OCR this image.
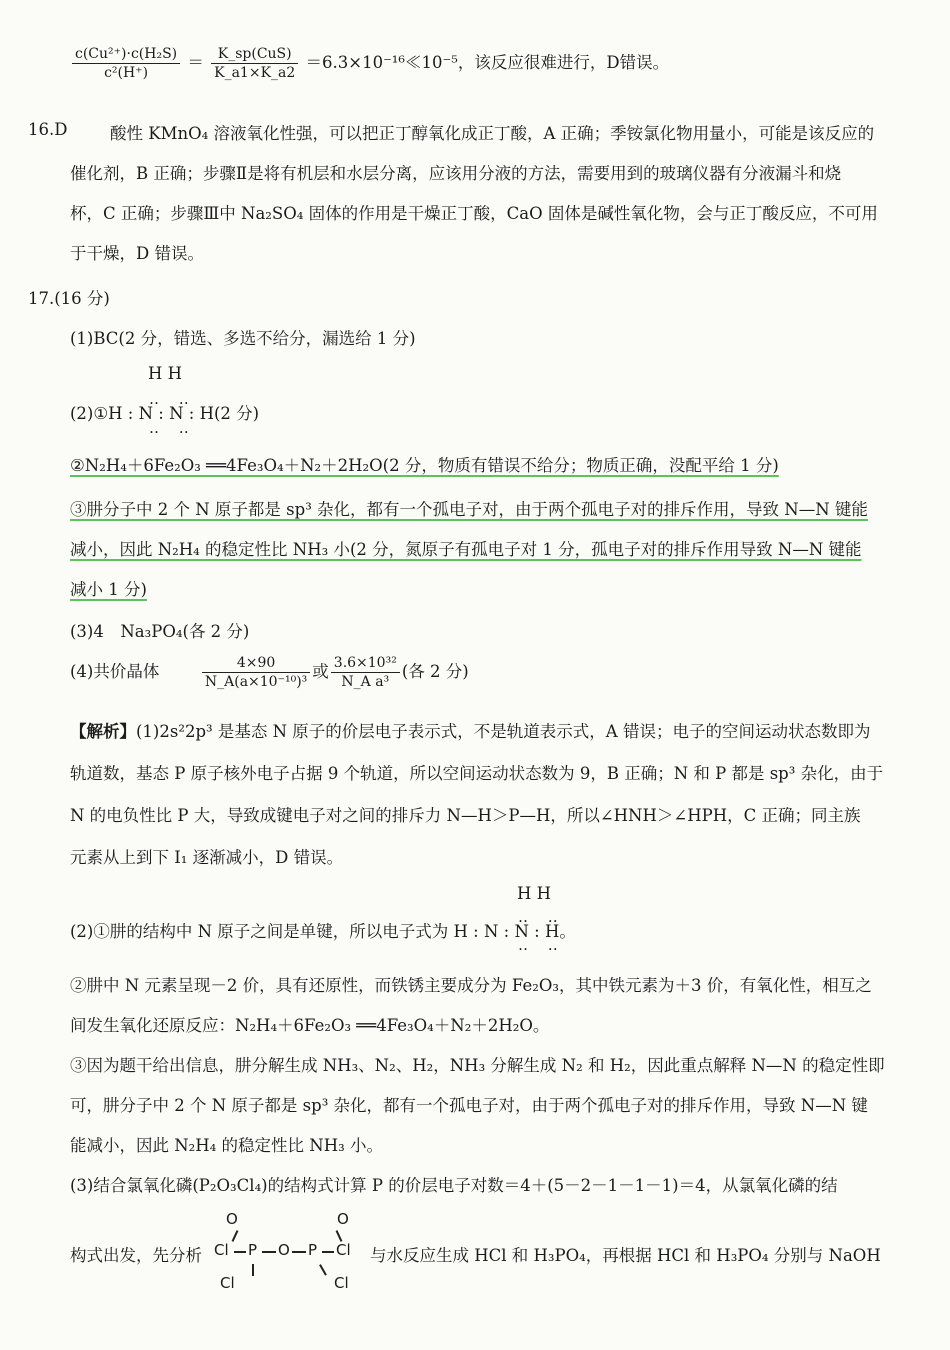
$\frac{\text{c(Cu²⁺)·c(H₂S)}}{\text{c²(H⁺)}} = \frac{\text{K\_sp(CuS)}}{K\_a1\times K\_a2}$ ＝6.3×10⁻¹⁶≪10⁻⁵，该反应很难进行，D错误。
16.D	酸性 KMnO₄ 溶液氧化性强，可以把正丁醇氧化成正丁酸，A 正确；季铵氯化物用量小，可能是该反应的
催化剂，B 正确；步骤Ⅱ是将有机层和水层分离，应该用分液的方法，需要用到的玻璃仪器有分液漏斗和烧
杯，C 正确；步骤Ⅲ中 Na₂SO₄ 固体的作用是干燥正丁酸，CaO 固体是碱性氧化物，会与正丁酸反应，不可用
于干燥，D 错误。
17.(16 分)
(1)BC(2 分，错选、多选不给分，漏选给 1 分)
H H
(2)①H : N : N : H(2 分)
‥　 ‥
‥　 ‥
②N₂H₄＋6Fe₂O₃ ══4Fe₃O₄＋N₂＋2H₂O(2 分，物质有错误不给分；物质正确，没配平给 1 分)
③肼分子中 2 个 N 原子都是 sp³ 杂化，都有一个孤电子对，由于两个孤电子对的排斥作用，导致 N—N 键能
减小，因此 N₂H₄ 的稳定性比 NH₃ 小(2 分，氮原子有孤电子对 1 分，孤电子对的排斥作用导致 N—N 键能
减小 1 分)
(3)4　Na₃PO₄(各 2 分)
(4)共价晶体	$\frac{4\times 90}{\text{N\_A(a×10⁻¹⁰)³}}$ 或 $\frac{\text{3.6×10³²}}{\text{N\_A a³}}$ (各 2 分)
【解析】(1)2s²2p³ 是基态 N 原子的价层电子表示式，不是轨道表示式，A 错误；电子的空间运动状态数即为
轨道数，基态 P 原子核外电子占据 9 个轨道，所以空间运动状态数为 9，B 正确；N 和 P 都是 sp³ 杂化，由于
N 的电负性比 P 大，导致成键电子对之间的排斥力 N—H＞P—H，所以∠HNH＞∠HPH，C 正确；同主族
元素从上到下 I₁ 逐渐减小，D 错误。
H H
(2)①肼的结构中 N 原子之间是单键，所以电子式为 H : N : N : H。
‥　 ‥
‥　 ‥
②肼中 N 元素呈现－2 价，具有还原性，而铁锈主要成分为 Fe₂O₃，其中铁元素为＋3 价，有氧化性，相互之
间发生氧化还原反应：N₂H₄＋6Fe₂O₃ ══4Fe₃O₄＋N₂＋2H₂O。
③因为题干给出信息，肼分解生成 NH₃、N₂、H₂，NH₃ 分解生成 N₂ 和 H₂，因此重点解释 N—N 的稳定性即
可，肼分子中 2 个 N 原子都是 sp³ 杂化，都有一个孤电子对，由于两个孤电子对的排斥作用，导致 N—N 键
能减小，因此 N₂H₄ 的稳定性比 NH₃ 小。
(3)结合氯氧化磷(P₂O₃Cl₄)的结构式计算 P 的价层电子对数＝4＋(5－2－1－1－1)＝4，从氯氧化磷的结
构式出发，先分析
O	O
Cl P O P Cl
Cl	Cl
与水反应生成 HCl 和 H₃PO₄，再根据 HCl 和 H₃PO₄ 分别与 NaOH
